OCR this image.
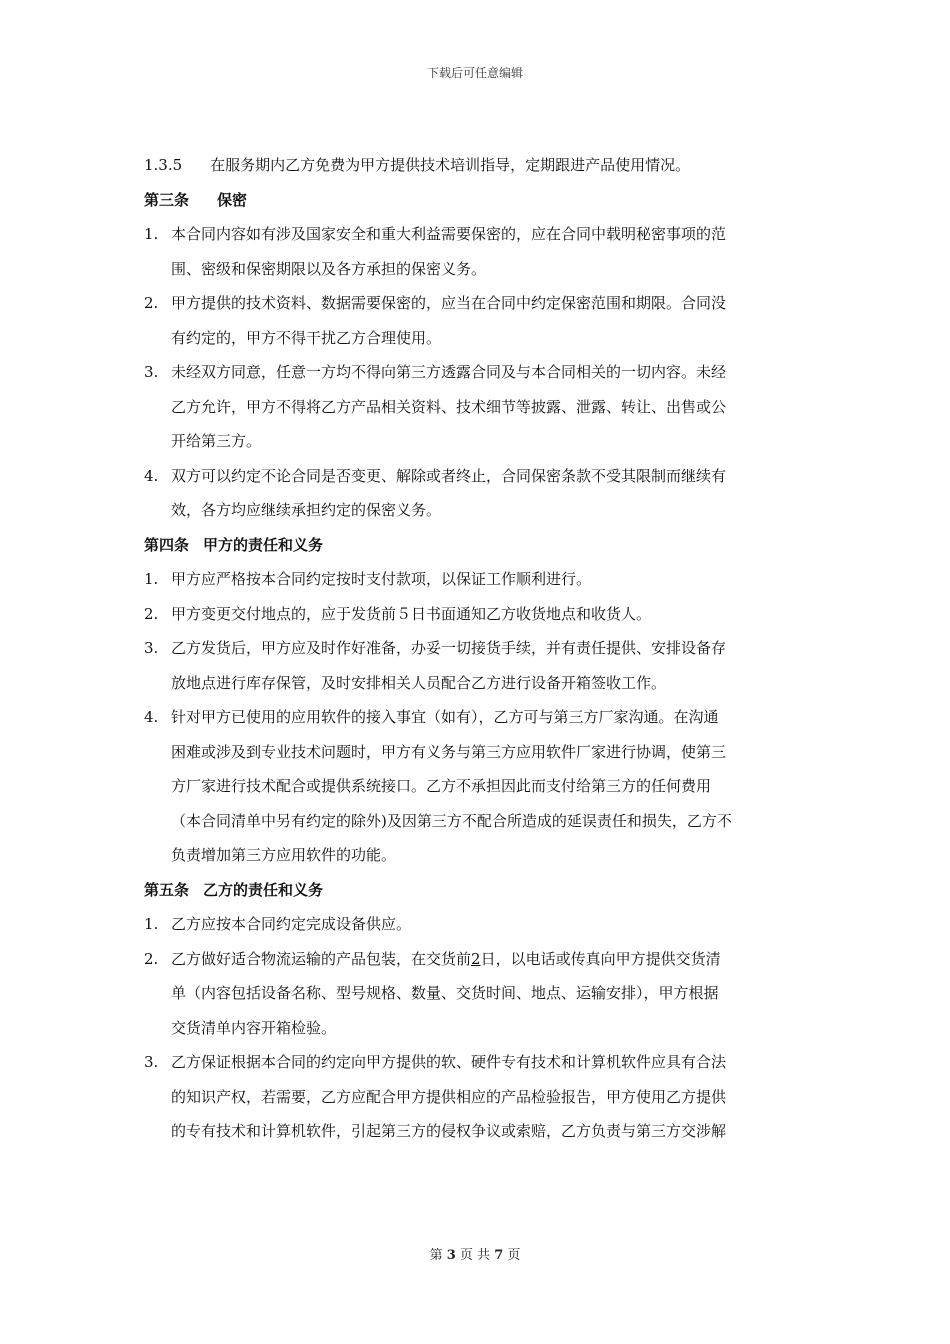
下载后可任意编辑
1.3.5 在服务期内乙方免费为甲方提供技术培训指导，定期跟进产品使用情况。
第三条 保密
1. 本合同内容如有涉及国家安全和重大利益需要保密的，应在合同中载明秘密事项的范
围、密级和保密期限以及各方承担的保密义务。
2. 甲方提供的技术资料、数据需要保密的，应当在合同中约定保密范围和期限。合同没
有约定的，甲方不得干扰乙方合理使用。
3. 未经双方同意，任意一方均不得向第三方透露合同及与本合同相关的一切内容。未经
乙方允许，甲方不得将乙方产品相关资料、技术细节等披露、泄露、转让、出售或公
开给第三方。
4. 双方可以约定不论合同是否变更、解除或者终止，合同保密条款不受其限制而继续有
效，各方均应继续承担约定的保密义务。
第四条 甲方的责任和义务
1. 甲方应严格按本合同约定按时支付款项，以保证工作顺利进行。
2. 甲方变更交付地点的，应于发货前５日书面通知乙方收货地点和收货人。
3. 乙方发货后，甲方应及时作好准备，办妥一切接货手续，并有责任提供、安排设备存
放地点进行库存保管，及时安排相关人员配合乙方进行设备开箱签收工作。
4. 针对甲方已使用的应用软件的接入事宜（如有），乙方可与第三方厂家沟通。在沟通
困难或涉及到专业技术问题时，甲方有义务与第三方应用软件厂家进行协调，使第三
方厂家进行技术配合或提供系统接口。乙方不承担因此而支付给第三方的任何费用
（本合同清单中另有约定的除外)及因第三方不配合所造成的延误责任和损失，乙方不
负责增加第三方应用软件的功能。
第五条 乙方的责任和义务
1. 乙方应按本合同约定完成设备供应。
2. 乙方做好适合物流运输的产品包装，在交货前2日，以电话或传真向甲方提供交货清
单（内容包括设备名称、型号规格、数量、交货时间、地点、运输安排），甲方根据
交货清单内容开箱检验。
3. 乙方保证根据本合同的约定向甲方提供的软、硬件专有技术和计算机软件应具有合法
的知识产权，若需要，乙方应配合甲方提供相应的产品检验报告，甲方使用乙方提供
的专有技术和计算机软件，引起第三方的侵权争议或索赔，乙方负责与第三方交涉解
第 3 页 共 7 页
